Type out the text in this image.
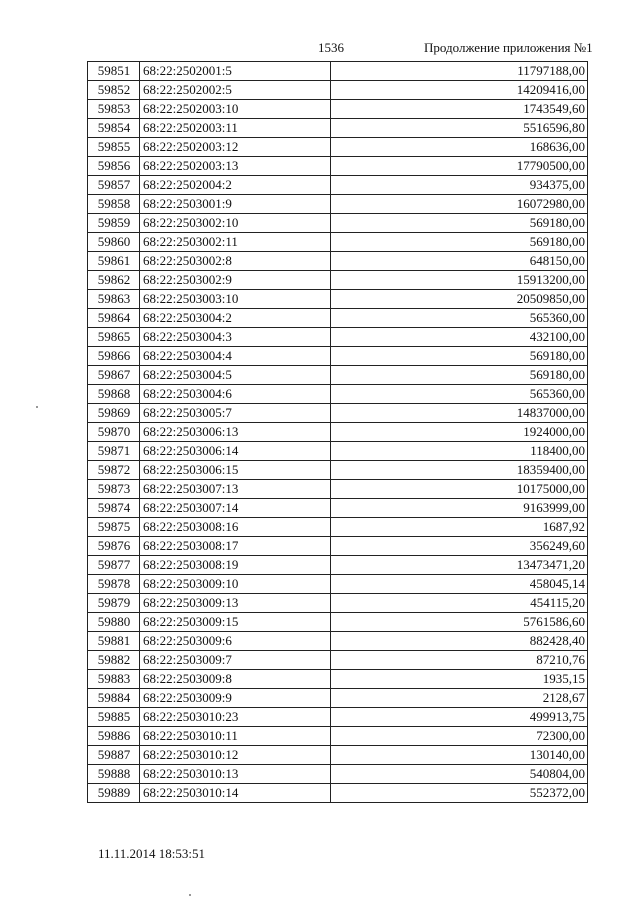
1536	Продолжение приложения №1
59851	68:22:2502001:5	11797188,00
59852	68:22:2502002:5	14209416,00
59853	68:22:2502003:10	1743549,60
59854	68:22:2502003:11	5516596,80
59855	68:22:2502003:12	168636,00
59856	68:22:2502003:13	17790500,00
59857	68:22:2502004:2	934375,00
59858	68:22:2503001:9	16072980,00
59859	68:22:2503002:10	569180,00
59860	68:22:2503002:11	569180,00
59861	68:22:2503002:8	648150,00
59862	68:22:2503002:9	15913200,00
59863	68:22:2503003:10	20509850,00
59864	68:22:2503004:2	565360,00
59865	68:22:2503004:3	432100,00
59866	68:22:2503004:4	569180,00
59867	68:22:2503004:5	569180,00
59868	68:22:2503004:6	565360,00
59869	68:22:2503005:7	14837000,00
59870	68:22:2503006:13	1924000,00
59871	68:22:2503006:14	118400,00
59872	68:22:2503006:15	18359400,00
59873	68:22:2503007:13	10175000,00
59874	68:22:2503007:14	9163999,00
59875	68:22:2503008:16	1687,92
59876	68:22:2503008:17	356249,60
59877	68:22:2503008:19	13473471,20
59878	68:22:2503009:10	458045,14
59879	68:22:2503009:13	454115,20
59880	68:22:2503009:15	5761586,60
59881	68:22:2503009:6	882428,40
59882	68:22:2503009:7	87210,76
59883	68:22:2503009:8	1935,15
59884	68:22:2503009:9	2128,67
59885	68:22:2503010:23	499913,75
59886	68:22:2503010:11	72300,00
59887	68:22:2503010:12	130140,00
59888	68:22:2503010:13	540804,00
59889	68:22:2503010:14	552372,00
11.11.2014 18:53:51
